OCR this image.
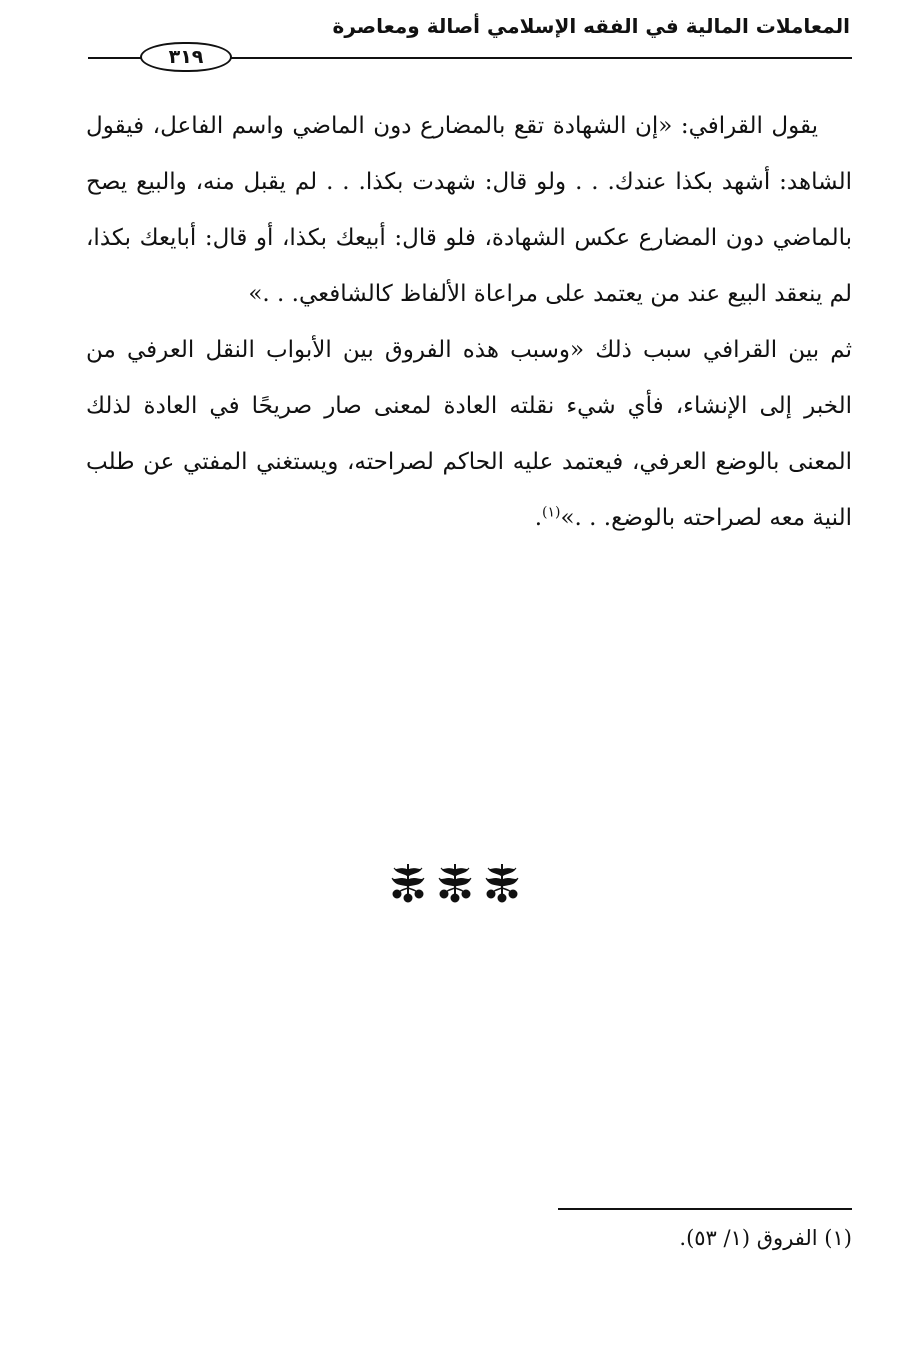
المعاملات المالية في الفقه الإسلامي أصالة ومعاصرة
٣١٩

يقول القرافي: «إن الشهادة تقع بالمضارع دون الماضي واسم الفاعل، فيقول الشاهد: أشهد بكذا عندك. . . ولو قال: شهدت بكذا. . . لم يقبل منه، والبيع يصح بالماضي دون المضارع عكس الشهادة، فلو قال: أبيعك بكذا، أو قال: أبايعك بكذا، لم ينعقد البيع عند من يعتمد على مراعاة الألفاظ كالشافعي. . .»

ثم بين القرافي سبب ذلك «وسبب هذه الفروق بين الأبواب النقل العرفي من الخبر إلى الإنشاء، فأي شيء نقلته العادة لمعنى صار صريحًا في العادة لذلك المعنى بالوضع العرفي، فيعتمد عليه الحاكم لصراحته، ويستغني المفتي عن طلب النية معه لصراحته بالوضع. . .»$^{(١)}$.

(١) الفروق (١/ ٥٣).
